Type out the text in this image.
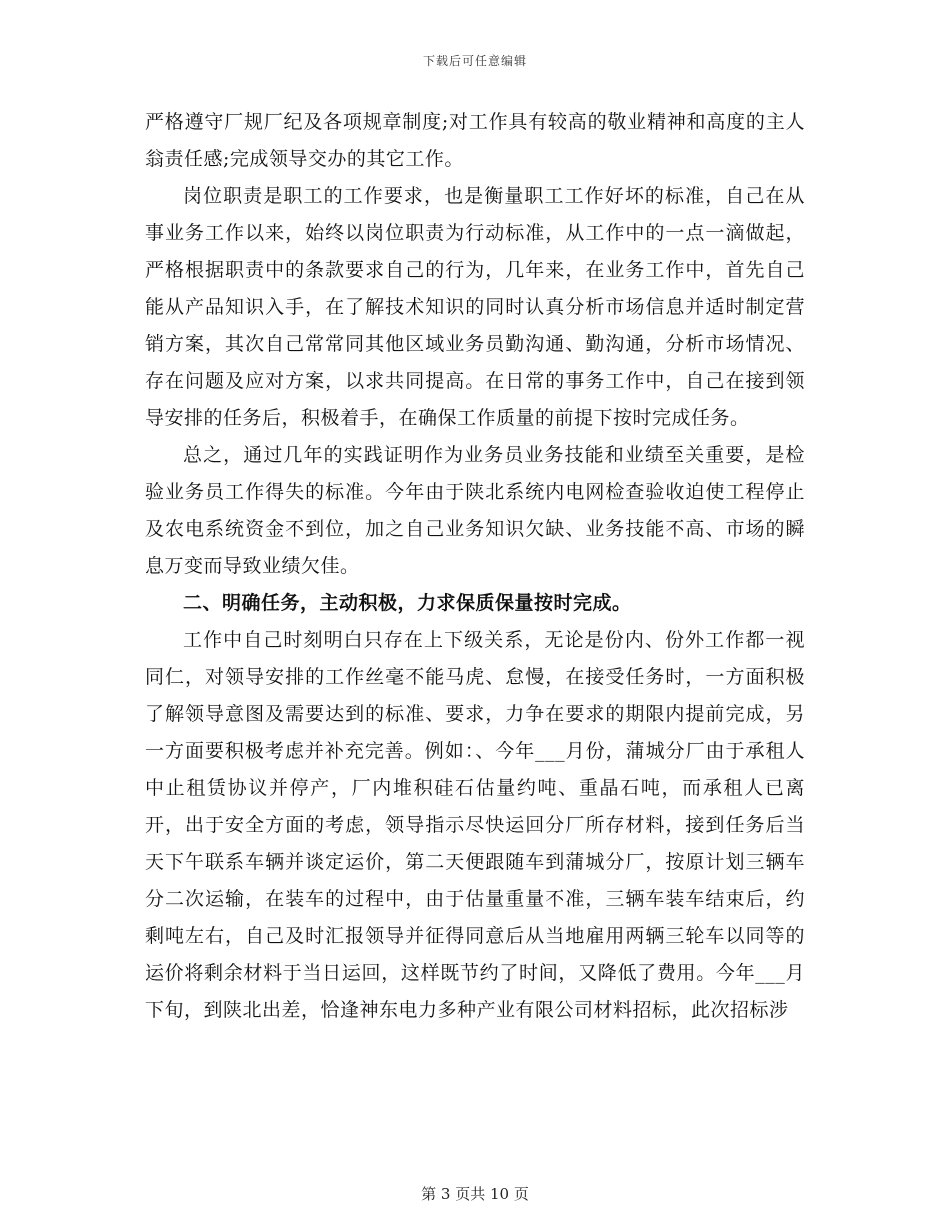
下载后可任意编辑

严格遵守厂规厂纪及各项规章制度;对工作具有较高的敬业精神和高度的主人翁责任感;完成领导交办的其它工作。

岗位职责是职工的工作要求，也是衡量职工工作好坏的标准，自己在从事业务工作以来，始终以岗位职责为行动标准，从工作中的一点一滴做起，严格根据职责中的条款要求自己的行为，几年来，在业务工作中，首先自己能从产品知识入手，在了解技术知识的同时认真分析市场信息并适时制定营销方案，其次自己常常同其他区域业务员勤沟通、勤沟通，分析市场情况、存在问题及应对方案，以求共同提高。在日常的事务工作中，自己在接到领导安排的任务后，积极着手，在确保工作质量的前提下按时完成任务。

总之，通过几年的实践证明作为业务员业务技能和业绩至关重要，是检验业务员工作得失的标准。今年由于陕北系统内电网检查验收迫使工程停止及农电系统资金不到位，加之自己业务知识欠缺、业务技能不高、市场的瞬息万变而导致业绩欠佳。

二、明确任务，主动积极，力求保质保量按时完成。

工作中自己时刻明白只存在上下级关系，无论是份内、份外工作都一视同仁，对领导安排的工作丝毫不能马虎、怠慢，在接受任务时，一方面积极了解领导意图及需要达到的标准、要求，力争在要求的期限内提前完成，另一方面要积极考虑并补充完善。例如：、今年___月份，蒲城分厂由于承租人中止租赁协议并停产，厂内堆积硅石估量约吨、重晶石吨，而承租人已离开，出于安全方面的考虑，领导指示尽快运回分厂所存材料，接到任务后当天下午联系车辆并谈定运价，第二天便跟随车到蒲城分厂，按原计划三辆车分二次运输，在装车的过程中，由于估量重量不准，三辆车装车结束后，约剩吨左右，自己及时汇报领导并征得同意后从当地雇用两辆三轮车以同等的运价将剩余材料于当日运回，这样既节约了时间，又降低了费用。今年___月下旬，到陕北出差，恰逢神东电力多种产业有限公司材料招标，此次招标涉

第 3 页共 10 页
